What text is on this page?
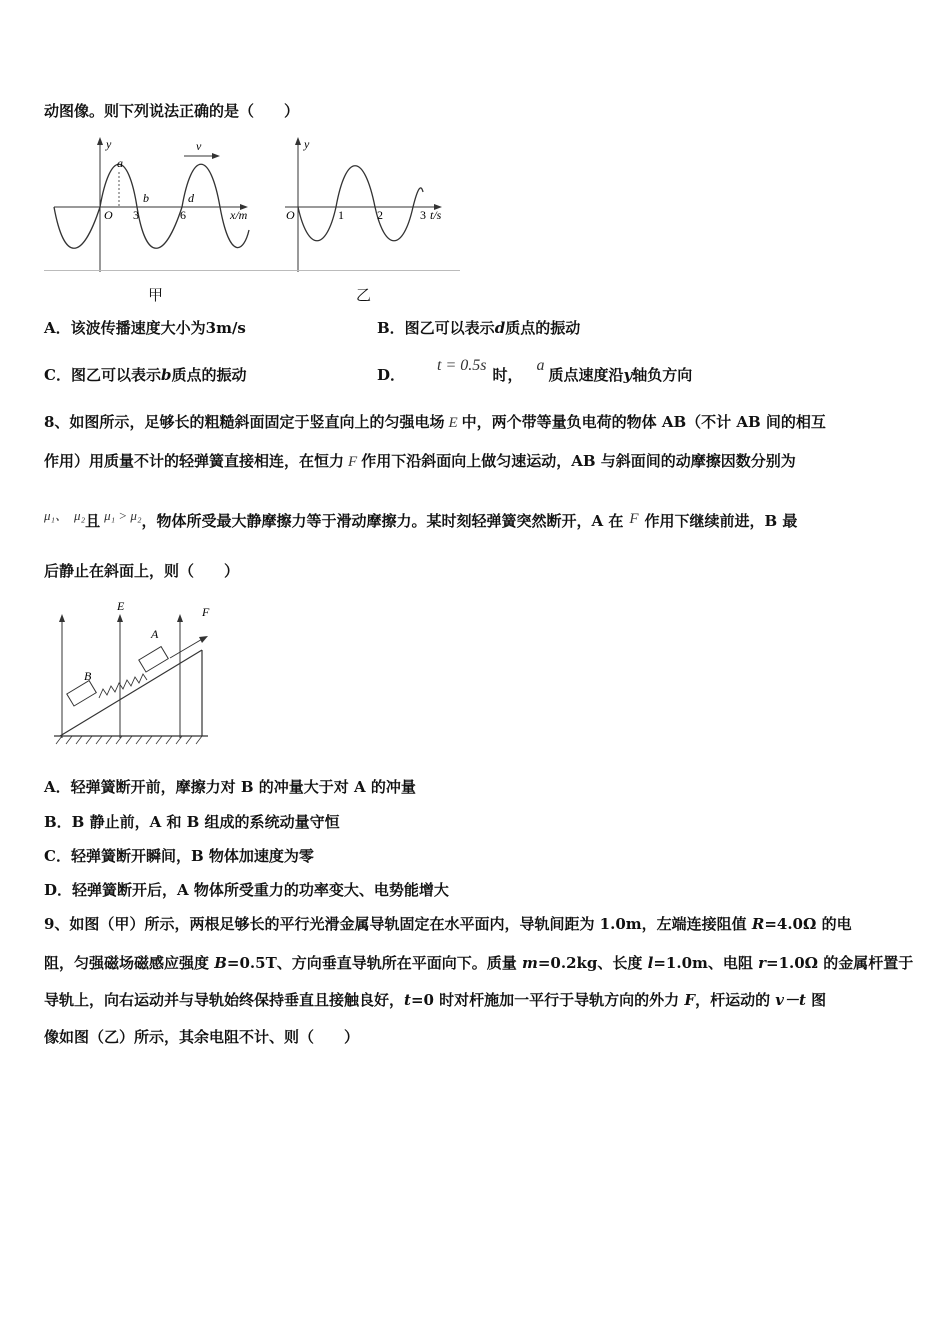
动图像。则下列说法正确的是（　　）
y
a
b	d
v
O 3	6	x/m
y
O	1	2	3 t/s
甲	乙
A．该波传播速度大小为3m/s	B．图乙可以表示d质点的振动
C．图乙可以表示b质点的振动	D．t = 0.5s时，a质点速度沿y轴负方向
8、如图所示，足够长的粗糙斜面固定于竖直向上的匀强电场 E 中，两个带等量负电荷的物体 AB（不计 AB 间的相互
作用）用质量不计的轻弹簧直接相连，在恒力 F 作用下沿斜面向上做匀速运动，AB 与斜面间的动摩擦因数分别为
μ₁、 μ₂且 μ₁ > μ₂，物体所受最大静摩擦力等于滑动摩擦力。某时刻轻弹簧突然断开，A 在 F 作用下继续前进，B 最
后静止在斜面上，则（　　）
E	F
A
B
A．轻弹簧断开前，摩擦力对 B 的冲量大于对 A 的冲量
B．B 静止前，A 和 B 组成的系统动量守恒
C．轻弹簧断开瞬间，B 物体加速度为零
D．轻弹簧断开后，A 物体所受重力的功率变大、电势能增大
9、如图（甲）所示，两根足够长的平行光滑金属导轨固定在水平面内，导轨间距为 1.0m，左端连接阻值 R=4.0Ω 的电
阻，匀强磁场磁感应强度 B=0.5T、方向垂直导轨所在平面向下。质量 m=0.2kg、长度 l=1.0m、电阻 r=1.0Ω 的金属杆置于
导轨上，向右运动并与导轨始终保持垂直且接触良好，t=0 时对杆施加一平行于导轨方向的外力 F，杆运动的 v－t 图
像如图（乙）所示，其余电阻不计、则（　　）
